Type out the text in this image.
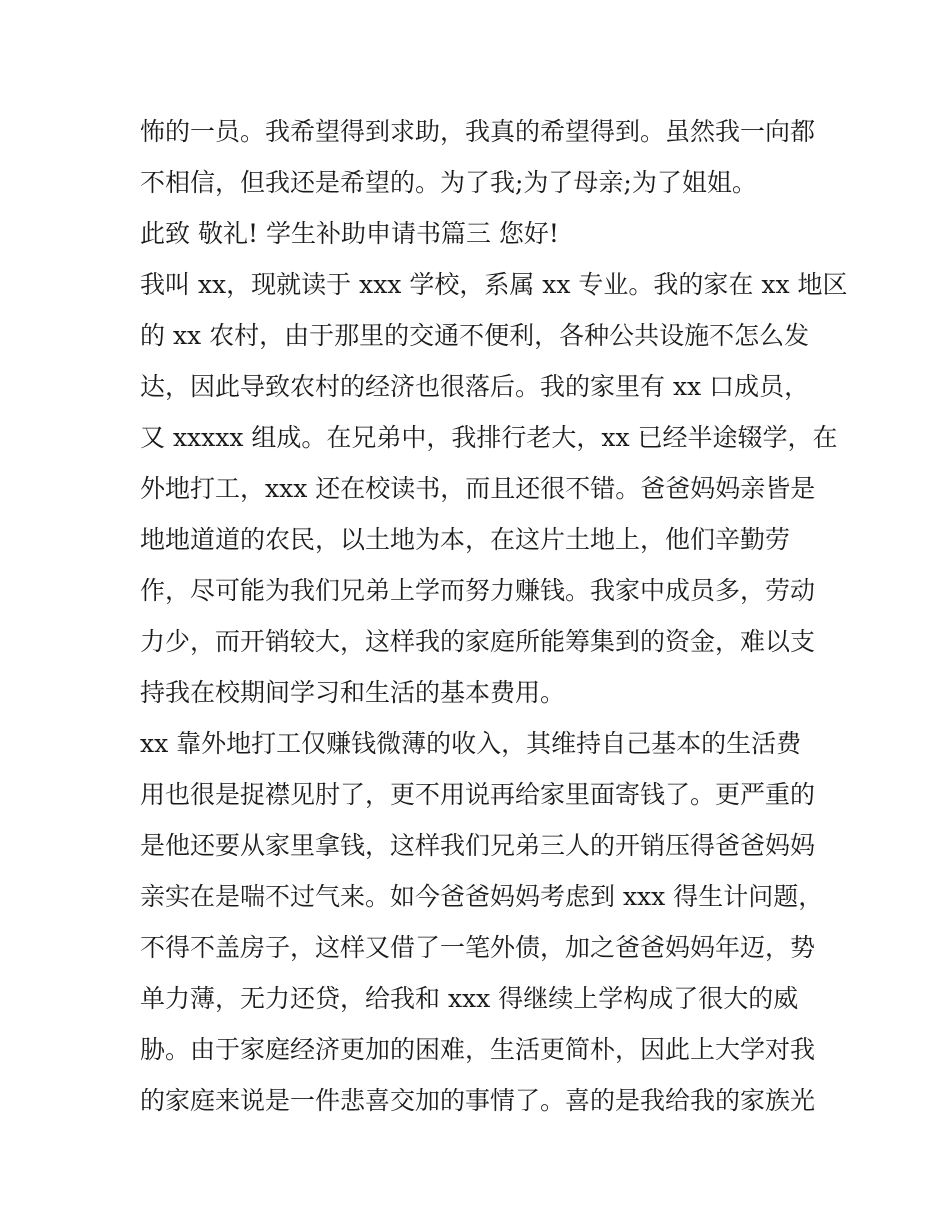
怖的一员。我希望得到求助，我真的希望得到。虽然我一向都
不相信，但我还是希望的。为了我;为了母亲;为了姐姐。
此致 敬礼! 学生补助申请书篇三 您好!
我叫 xx，现就读于 xxx 学校，系属 xx 专业。我的家在 xx 地区
的 xx 农村，由于那里的交通不便利，各种公共设施不怎么发
达，因此导致农村的经济也很落后。我的家里有 xx 口成员，
又 xxxxx 组成。在兄弟中，我排行老大，xx 已经半途辍学，在
外地打工，xxx 还在校读书，而且还很不错。爸爸妈妈亲皆是
地地道道的农民，以土地为本，在这片土地上，他们辛勤劳
作，尽可能为我们兄弟上学而努力赚钱。我家中成员多，劳动
力少，而开销较大，这样我的家庭所能筹集到的资金，难以支
持我在校期间学习和生活的基本费用。
xx 靠外地打工仅赚钱微薄的收入，其维持自己基本的生活费
用也很是捉襟见肘了，更不用说再给家里面寄钱了。更严重的
是他还要从家里拿钱，这样我们兄弟三人的开销压得爸爸妈妈
亲实在是喘不过气来。如今爸爸妈妈考虑到 xxx 得生计问题，
不得不盖房子，这样又借了一笔外债，加之爸爸妈妈年迈，势
单力薄，无力还贷，给我和 xxx 得继续上学构成了很大的威
胁。由于家庭经济更加的困难，生活更简朴，因此上大学对我
的家庭来说是一件悲喜交加的事情了。喜的是我给我的家族光
